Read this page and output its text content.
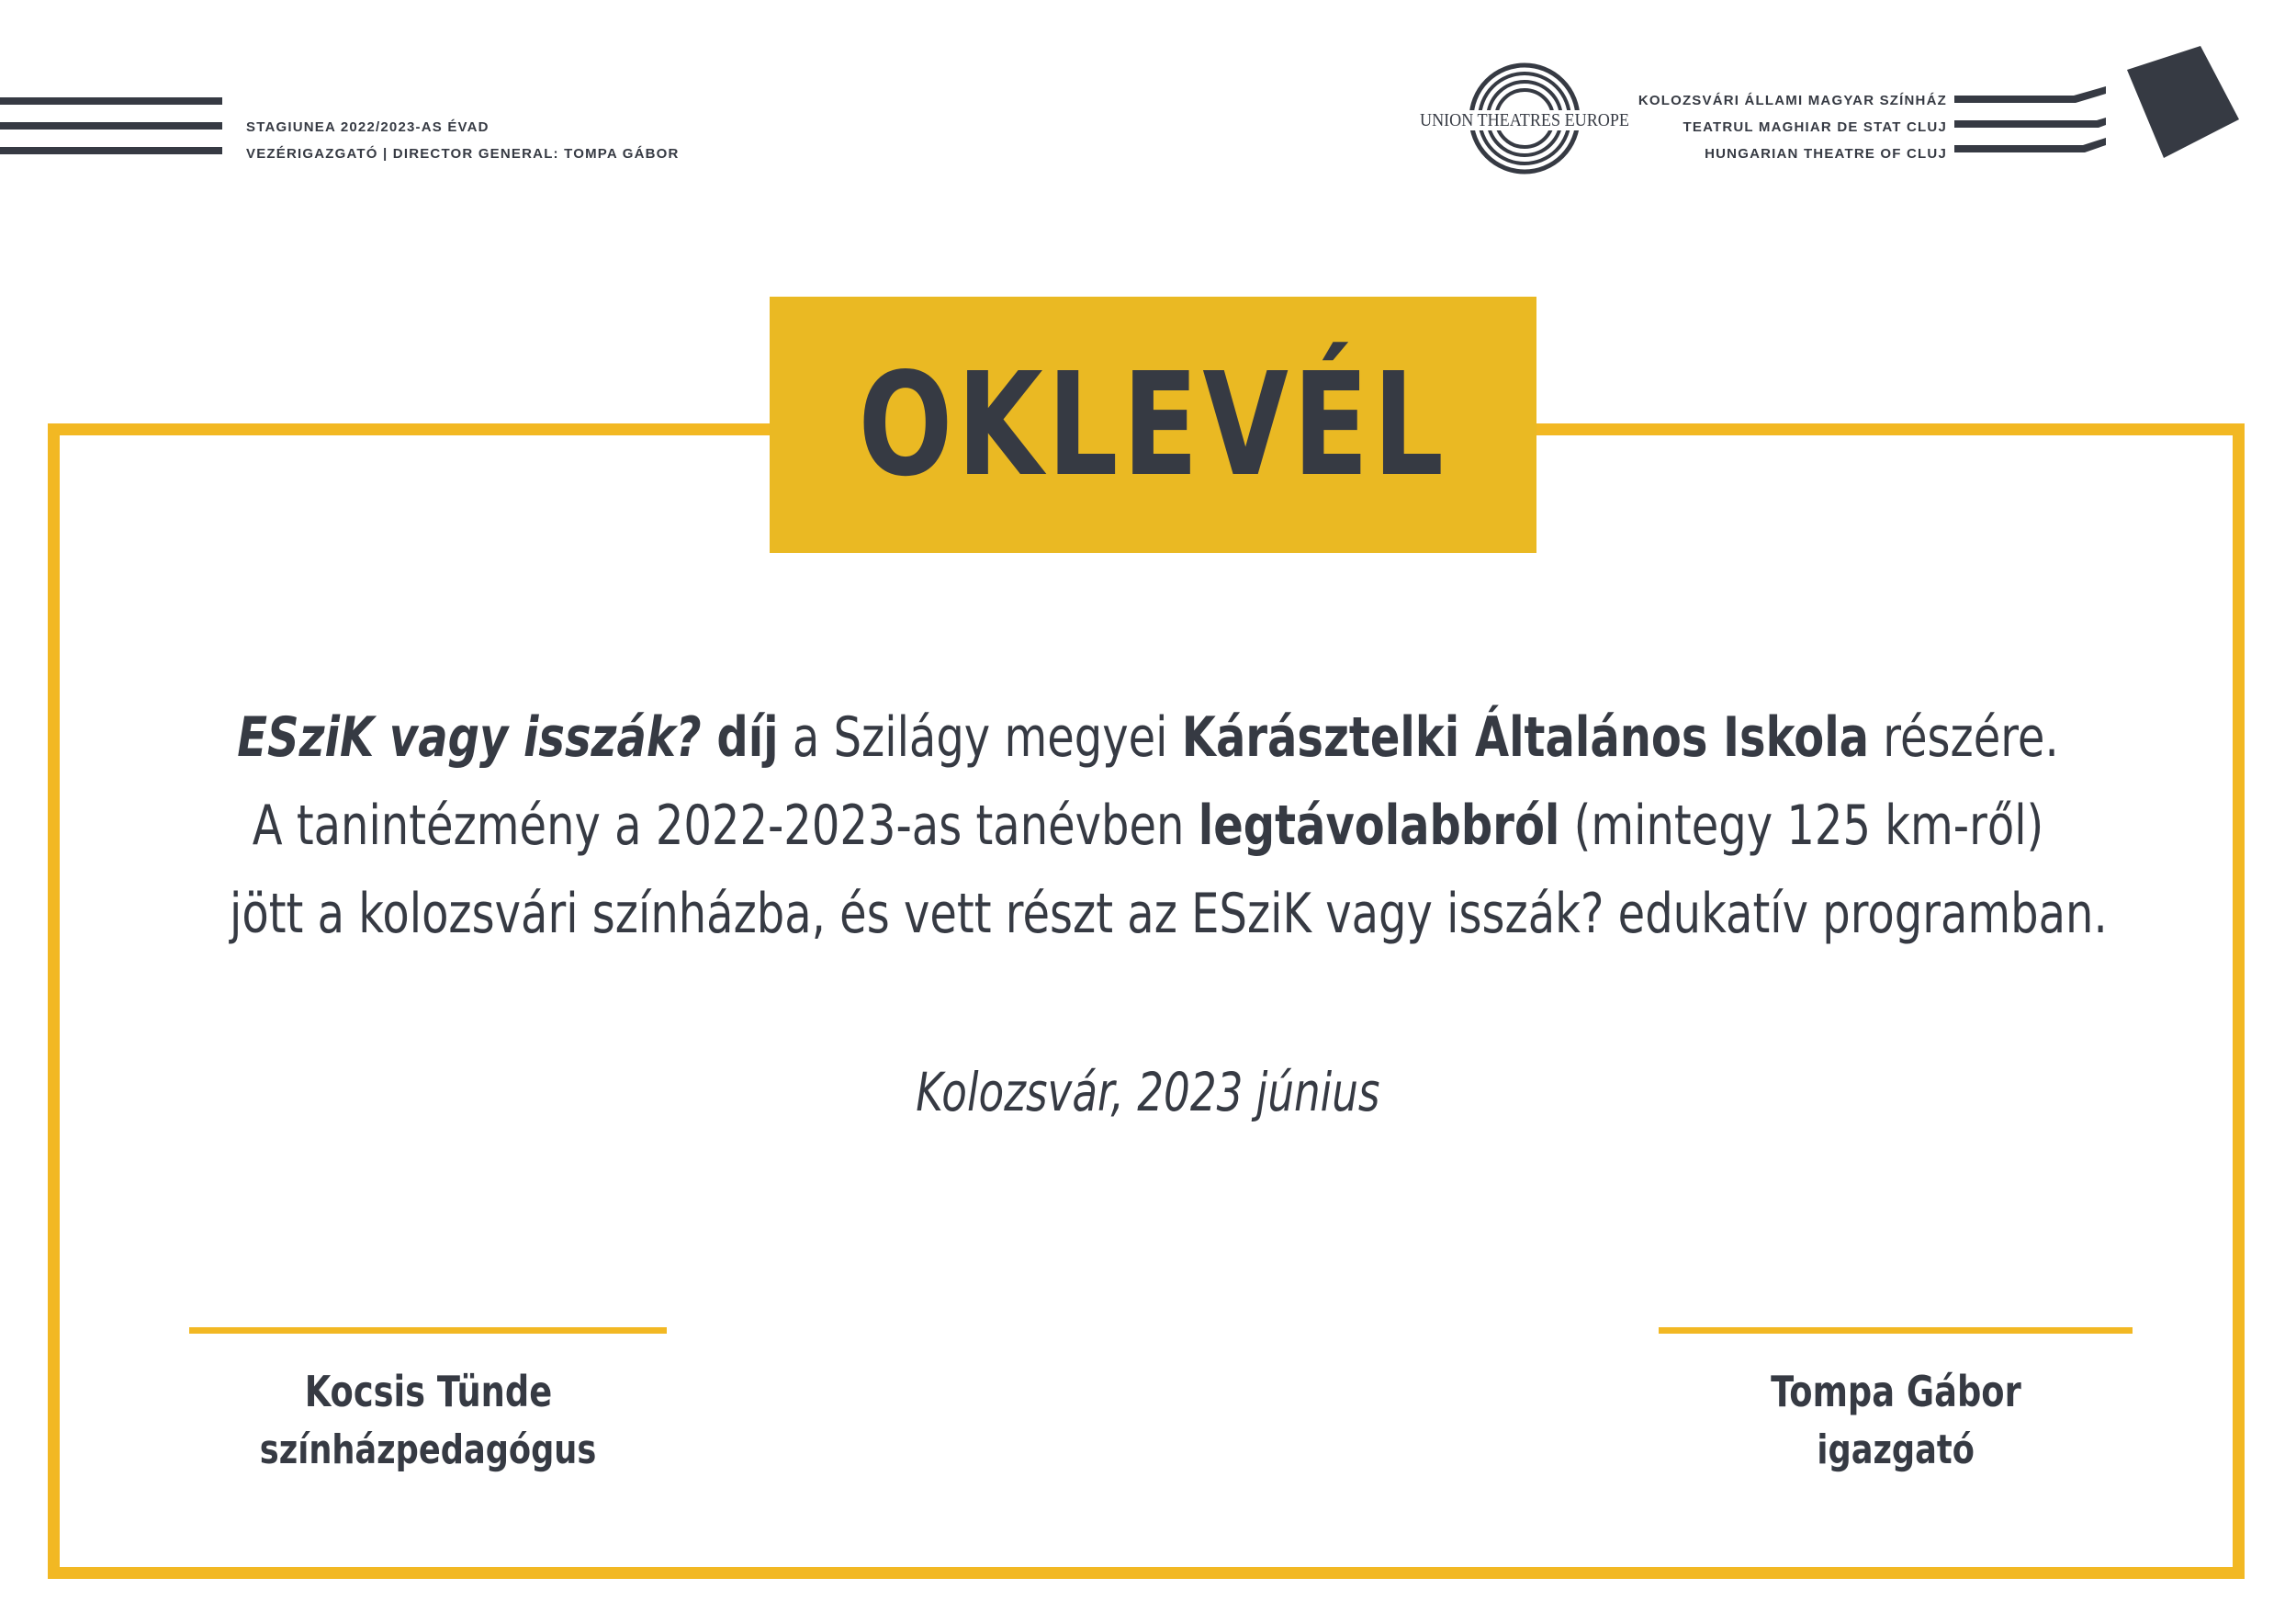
STAGIUNEA 2022/2023-AS ÉVAD
VEZÉRIGAZGATÓ | DIRECTOR GENERAL: TOMPA GÁBOR
UNION THEATRES EUROPE
KOLOZSVÁRI ÁLLAMI MAGYAR SZÍNHÁZ
TEATRUL MAGHIAR DE STAT CLUJ
HUNGARIAN THEATRE OF CLUJ
OKLEVÉL
ESziK vagy isszák? díj a Szilágy megyei Kárásztelki Általános Iskola részére.
A tanintézmény a 2022-2023-as tanévben legtávolabbról (mintegy 125 km-ről)
jött a kolozsvári színházba, és vett részt az ESziK vagy isszák? edukatív programban.
Kolozsvár, 2023 június
Kocsis Tünde
színházpedagógus
Tompa Gábor
igazgató
